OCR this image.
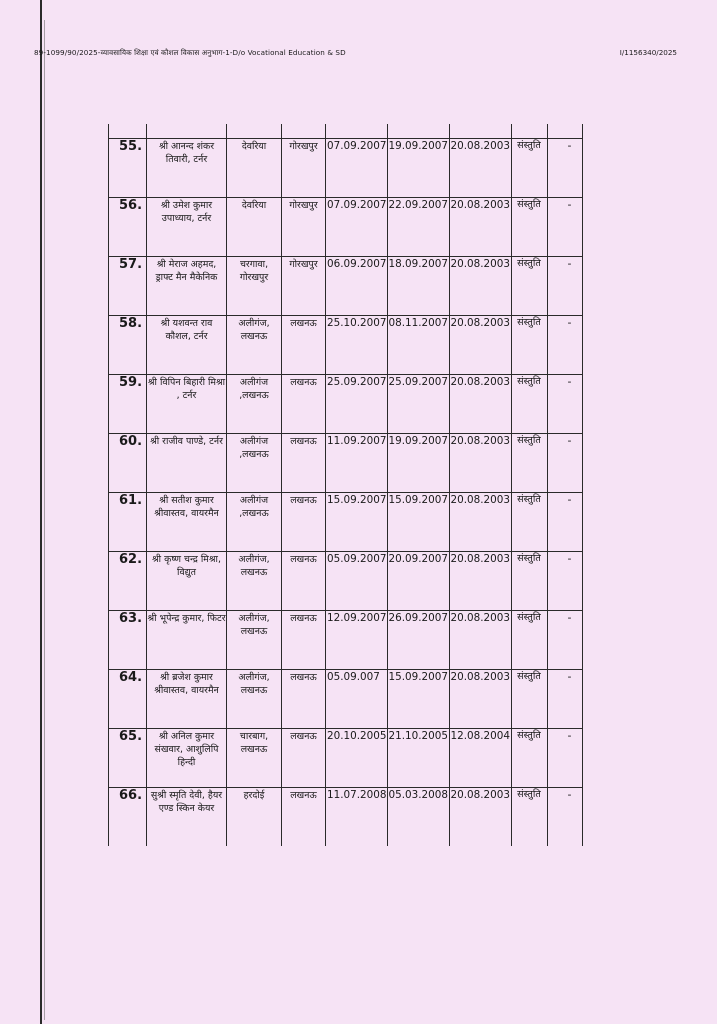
89-1099/90/2025-व्यावसायिक शिक्षा एवं कौशल विकास अनुभाग-1-D/o Vocational Education & SD	I/1156340/2025

55.	श्री आनन्द शंकर तिवारी, टर्नर	देवरिया	गोरखपुर	07.09.2007	19.09.2007	20.08.2003	संस्तुति	-

56.	श्री उमेश कुमार उपाध्याय, टर्नर	देवरिया	गोरखपुर	07.09.2007	22.09.2007	20.08.2003	संस्तुति	-

57.	श्री मेराज अहमद, ड्राफ्ट मैन मैकेनिक	चरगावा, गोरखपुर	गोरखपुर	06.09.2007	18.09.2007	20.08.2003	संस्तुति	-

58.	श्री यशवन्त राव कौशल, टर्नर	अलीगंज, लखनऊ	लखनऊ	25.10.2007	08.11.2007	20.08.2003	संस्तुति	-

59.	श्री विपिन बिहारी मिश्रा , टर्नर	अलीगंज ,लखनऊ	लखनऊ	25.09.2007	25.09.2007	20.08.2003	संस्तुति	-

60.	श्री राजीव पाण्डे, टर्नर	अलीगंज ,लखनऊ	लखनऊ	11.09.2007	19.09.2007	20.08.2003	संस्तुति	-

61.	श्री सतीश कुमार श्रीवास्तव, वायरमैन	अलीगंज ,लखनऊ	लखनऊ	15.09.2007	15.09.2007	20.08.2003	संस्तुति	-

62.	श्री कृष्ण चन्द्र मिश्रा, विद्युत	अलीगंज, लखनऊ	लखनऊ	05.09.2007	20.09.2007	20.08.2003	संस्तुति	-

63.	श्री भूपेन्द्र कुमार, फिटर	अलीगंज, लखनऊ	लखनऊ	12.09.2007	26.09.2007	20.08.2003	संस्तुति	-

64.	श्री ब्रजेश कुमार श्रीवास्तव, वायरमैन	अलीगंज, लखनऊ	लखनऊ	05.09.007	15.09.2007	20.08.2003	संस्तुति	-

65.	श्री अनिल कुमार संखवार, आशुलिपि हिन्दी	चारबाग, लखनऊ	लखनऊ	20.10.2005	21.10.2005	12.08.2004	संस्तुति	-

66.	सुश्री स्मृति देवी, हैयर एण्ड स्किन केयर	हरदोई	लखनऊ	11.07.2008	05.03.2008	20.08.2003	संस्तुति	-
